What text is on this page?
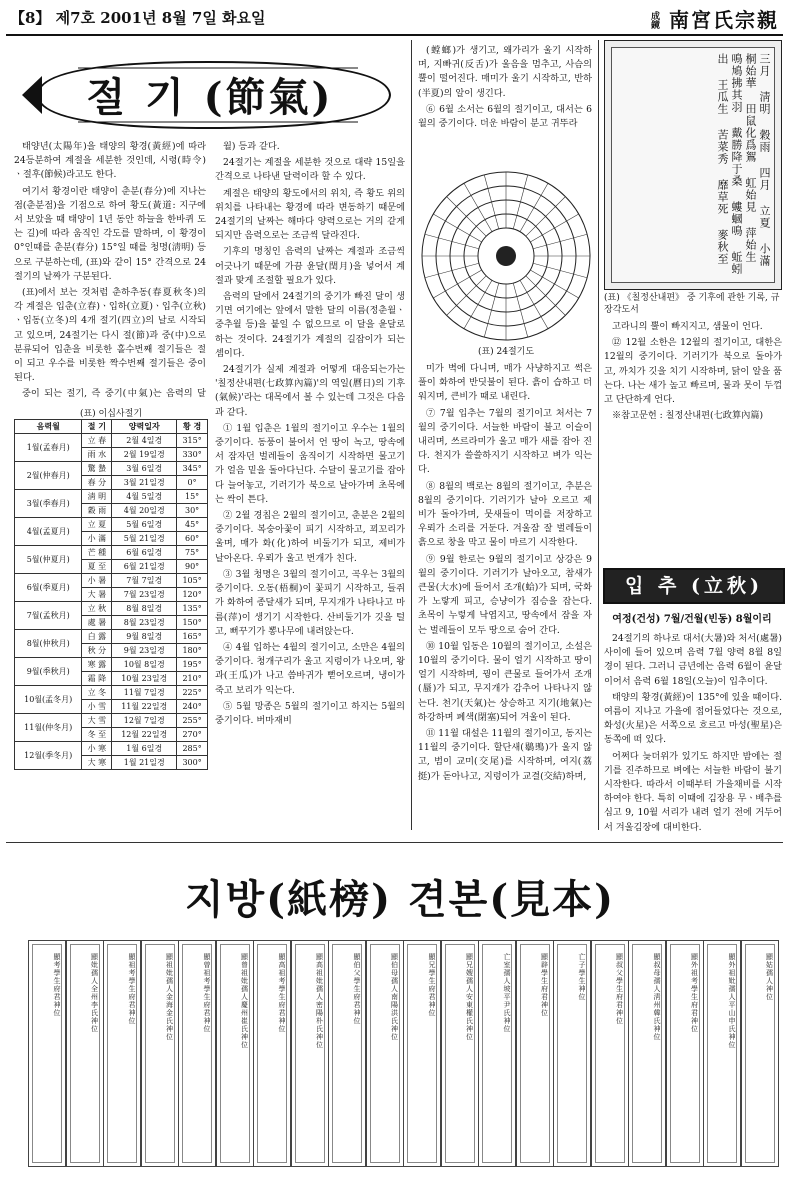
【8】 제7호 2001년 8월 7일 화요일	成鏡 南宮氏宗親
절 기 (節氣)

태양년(太陽年)을 태양의 황경(黃經)에 따라 24등분하여 계절을 세분한 것인데, 시령(時令)ㆍ절후(節候)라고도 한다.

여기서 황경이란 태양이 춘분(春分)에 지나는 점(춘분점)을 기점으로 하여 황도(黃道: 지구에서 보았을 때 태양이 1년 동안 하늘을 한바퀴 도는 길)에 따라 움직인 각도를 말하며, 이 황경이 0°인때를 춘분(春分) 15°일 때를 청명(淸明) 등으로 구분하는데, (표)와 같이 15° 간격으로 24절기의 날짜가 구분된다.

(표)에서 보는 것처럼 춘하추동(春夏秋冬)의 각 계절은 입춘(立春)ㆍ입하(立夏)ㆍ입추(立秋)ㆍ입동(立冬)의 4개 절기(四立)의 날로 시작되고 있으며, 24절기는 다시 절(節)과 중(中)으로 분류되어 입춘을 비롯한 홀수번째 절기들은 절이 되고 우수를 비롯한 짝수번째 절기들은 중이 된다.

중이 되는 절기, 즉 중기(中氣)는 음력의 달

(표) 이십사절기
음력월	절 기	양력일자	황 경
1월(孟春月)	立 春	2월 4일경	315°
	雨 水	2월 19일경	330°
2월(仲春月)	驚 蟄	3월 6일경	345°
	春 分	3월 21일경	0°
3월(季春月)	淸 明	4월 5일경	15°
	穀 雨	4월 20일경	30°
4월(孟夏月)	立 夏	5월 6일경	45°
	小 滿	5월 21일경	60°
5월(仲夏月)	芒 種	6월 6일경	75°
	夏 至	6월 21일경	90°
6월(季夏月)	小 暑	7월 7일경	105°
	大 暑	7월 23일경	120°
7월(孟秋月)	立 秋	8월 8일경	135°
	處 暑	8월 23일경	150°
8월(仲秋月)	白 露	9월 8일경	165°
	秋 分	9월 23일경	180°
9월(季秋月)	寒 露	10월 8일경	195°
	霜 降	10월 23일경	210°
10월(孟冬月)	立 冬	11월 7일경	225°
	小 雪	11월 22일경	240°
11월(仲冬月)	大 雪	12월 7일경	255°
	冬 至	12월 22일경	270°
12월(季冬月)	小 寒	1월 6일경	285°
	大 寒	1월 21일경	300°

월) 등과 같다.

24절기는 계절을 세분한 것으로 대략 15일을 간격으로 나타낸 달력이라 할 수 있다.

계절은 태양의 황도에서의 위치, 즉 황도 위의 위치를 나타내는 황경에 따라 변동하기 때문에 24절기의 날짜는 해마다 양력으로는 거의 같게 되지만 음력으로는 조금씩 달라진다.

기후의 명칭인 음력의 날짜는 계절과 조금씩 어긋나기 때문에 가끔 윤달(閏月)을 넣어서 계절과 맞게 조절할 필요가 있다.

음력의 달에서 24절기의 중기가 빠진 달이 생기면 여기에는 앞에서 말한 달의 이름(정춘월ㆍ중추월 등)을 붙일 수 없으므로 이 달을 윤달로 하는 것이다. 24절기가 계절의 길잡이가 되는 셈이다.

24절기가 실제 계절과 어떻게 대응되는가는 '칠정산내편(七政算內篇)'의 역일(曆日)의 기후(氣候)'라는 대목에서 볼 수 있는데 그것은 다음과 같다.

① 1월 입춘은 1월의 절기이고 우수는 1월의 중기이다. 동풍이 불어서 언 땅이 녹고, 땅속에서 잠자던 벌레들이 움직이기 시작하면 물고기가 얼음 밑을 돌아다닌다. 수달이 물고기를 잡아다 늘어놓고, 기러기가 북으로 날아가며 초목에는 싹이 튼다.

② 2월 경칩은 2월의 절기이고, 춘분은 2월의 중기이다. 복숭아꽃이 피기 시작하고, 꾀꼬리가 울며, 매가 화(化)하여 비둘기가 되고, 제비가 날아온다. 우뢰가 울고 번개가 친다.

③ 3월 청명은 3월의 절기이고, 곡우는 3월의 중기이다. 오동(梧桐)이 꽃피기 시작하고, 들쥐가 화하여 종달새가 되며, 무지개가 나타나고 마름(萍)이 생기기 시작한다. 산비둘기가 깃을 털고, 뻐꾸기가 뽕나무에 내려앉는다.

④ 4월 입하는 4월의 절기이고, 소만은 4월의 중기이다. 청개구리가 울고 지렁이가 나오며, 왕과(王瓜)가 나고 씀바귀가 뻗어오르며, 냉이가 죽고 보리가 익는다.

⑤ 5월 망종은 5월의 절기이고 하지는 5월의 중기이다. 버마재비

(螳螂)가 생기고, 왜가리가 울기 시작하며, 지빠귀(反舌)가 울음을 멈추고, 사슴의 뿔이 떨어진다. 매미가 울기 시작하고, 반하(半夏)의 알이 생긴다.

⑥ 6월 소서는 6월의 절기이고, 대서는 6월의 중기이다. 더운 바람이 분고 귀뚜라

(표) 24절기도

미가 벽에 다니며, 매가 사냥하지고 썩은 풀이 화하여 반딧불이 된다. 흙이 습하고 더워지며, 큰비가 때로 내린다.

⑦ 7월 입추는 7월의 절기이고 처서는 7월의 중기이다. 서늘한 바람이 불고 이슬이 내리며, 쓰르라미가 울고 매가 새를 잡아 진다. 천지가 쓸쓸하지기 시작하고 벼가 익는다.

⑧ 8월의 백로는 8월의 절기이고, 추분은 8월의 중기이다. 기러기가 날아 오르고 제비가 돌아가며, 뭇새들이 먹이를 저장하고 우뢰가 소리를 거둔다. 겨울잠 잘 벌레들이 흙으로 창을 막고 물이 마르기 시작한다.

⑨ 9월 한로는 9월의 절기이고 상강은 9월의 중기이다. 기러기가 날아오고, 참새가 큰물(大水)에 들어서 조개(蛤)가 되며, 국화가 노랗게 피고, 승냥이가 짐승을 잡는다. 초목이 누렇게 낙엽지고, 땅속에서 잠을 자는 벌레들이 모두 땅으로 숨어 간다.

⑩ 10월 입동은 10월의 절기이고, 소설은 10월의 중기이다. 물이 얼기 시작하고 땅이 얼기 시작하며, 꿩이 큰물로 들어가서 조개(蜃)가 되고, 무지개가 감추어 나타나지 않는다. 천기(天氣)는 상승하고 지기(地氣)는 하강하며 폐색(閉塞)되어 겨울이 된다.

⑪ 11월 대설은 11월의 절기이고, 동지는 11월의 중기이다. 할단새(鶡鴠)가 울지 않고, 범이 교미(交尾)를 시작하며, 여지(荔挺)가 돋아나고, 지렁이가 교결(交結)하며,

三月 淸明 穀雨 四月 立夏 小滿 桐始華 田鼠化爲鴽 虹始見 萍始生 鳴鳩拂其羽 戴勝降于桑 螻蟈鳴 蚯蚓出 王瓜生 苦菜秀 靡草死 麥秋至
(표) 《칠정산내편》 중 기후에 관한 기록, 규장각도서

고라니의 뿔이 빠지지고, 샘물이 언다.

⑫ 12월 소한은 12월의 절기이고, 대한은 12월의 중기이다. 기러기가 북으로 돌아가고, 까치가 깃을 치기 시작하며, 닭이 알을 품는다. 나는 새가 높고 빠르며, 물과 못이 두껍고 단단하게 언다.

※참고문헌 : 칠정산내편(七政算內篇)

입 추 (立秋)
여정(건성) 7월/건월(빈동) 8월이리

24절기의 하나로 대서(大暑)와 처서(處暑) 사이에 들어 있으며 음력 7월 양력 8월 8일경이 된다. 그러니 금년에는 음력 6월이 윤달이어서 음력 6월 18일(오늘)이 입추이다.

태양의 황경(黃經)이 135°에 있을 때이다. 여름이 지나고 가을에 접어들었다는 것으로, 화성(火星)은 서쪽으로 흐르고 마성(聖星)은 동쪽에 떠 있다.

어쩌다 늦더위가 있기도 하지만 밤에는 절기를 진주하므로 벼에는 서늘한 바람이 불기 시작한다. 따라서 이때부터 가을채비를 시작하여야 한다. 특히 이때에 김장용 무ㆍ배추를 심고 9, 10월 서리가 내려 얼기 전에 거두어서 겨울김장에 대비한다.

지방(紙榜) 견본(見本)
顯考學生府君神位	顯妣孺人全州李氏神位	顯祖考學生府君神位	顯祖妣孺人金海金氏神位	顯曾祖考學生府君神位	顯曾祖妣孺人慶州崔氏神位	顯高祖考學生府君神位	顯高祖妣孺人密陽朴氏神位	顯伯父學生府君神位	顯伯母孺人南陽洪氏神位	顯兄學生府君神位	顯兄嫂孺人安東權氏神位	亡室孺人坡平尹氏神位	顯辟學生府君神位	亡子學生神位	顯叔父學生府君神位	顯叔母孺人淸州韓氏神位	顯外祖考學生府君神位	顯外祖妣孺人平山申氏神位	顯姑孺人神位
